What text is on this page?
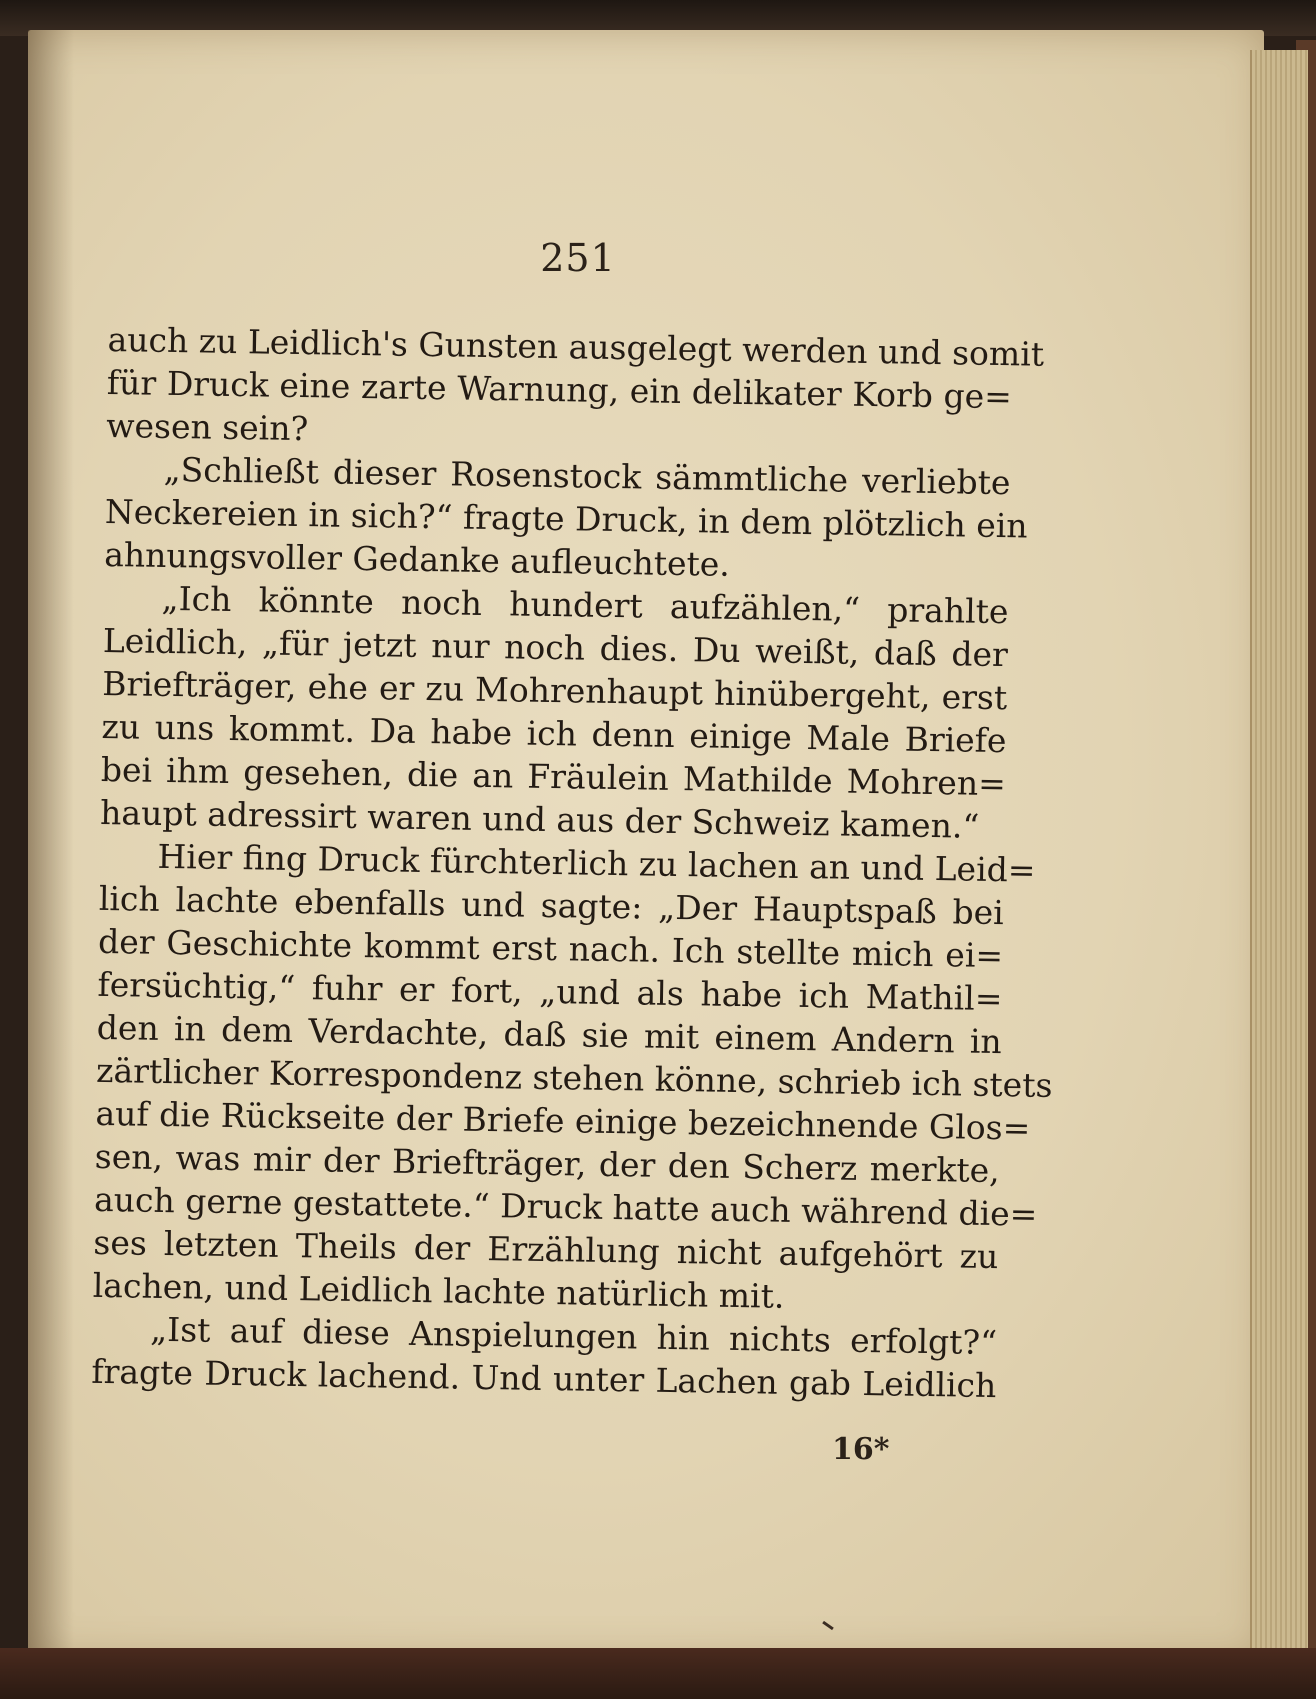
251
auch zu Leidlich's Gunsten ausgelegt werden und somit
für Druck eine zarte Warnung, ein delikater Korb ge=
wesen sein?
„Schließt dieser Rosenstock sämmtliche verliebte
Neckereien in sich?“ fragte Druck, in dem plötzlich ein
ahnungsvoller Gedanke aufleuchtete.
„Ich könnte noch hundert aufzählen,“ prahlte
Leidlich, „für jetzt nur noch dies. Du weißt, daß der
Briefträger, ehe er zu Mohrenhaupt hinübergeht, erst
zu uns kommt. Da habe ich denn einige Male Briefe
bei ihm gesehen, die an Fräulein Mathilde Mohren=
haupt adressirt waren und aus der Schweiz kamen.“
Hier fing Druck fürchterlich zu lachen an und Leid=
lich lachte ebenfalls und sagte: „Der Hauptspaß bei
der Geschichte kommt erst nach. Ich stellte mich ei=
fersüchtig,“ fuhr er fort, „und als habe ich Mathil=
den in dem Verdachte, daß sie mit einem Andern in
zärtlicher Korrespondenz stehen könne, schrieb ich stets
auf die Rückseite der Briefe einige bezeichnende Glos=
sen, was mir der Briefträger, der den Scherz merkte,
auch gerne gestattete.“ Druck hatte auch während die=
ses letzten Theils der Erzählung nicht aufgehört zu
lachen, und Leidlich lachte natürlich mit.
„Ist auf diese Anspielungen hin nichts erfolgt?“
fragte Druck lachend. Und unter Lachen gab Leidlich
16*
